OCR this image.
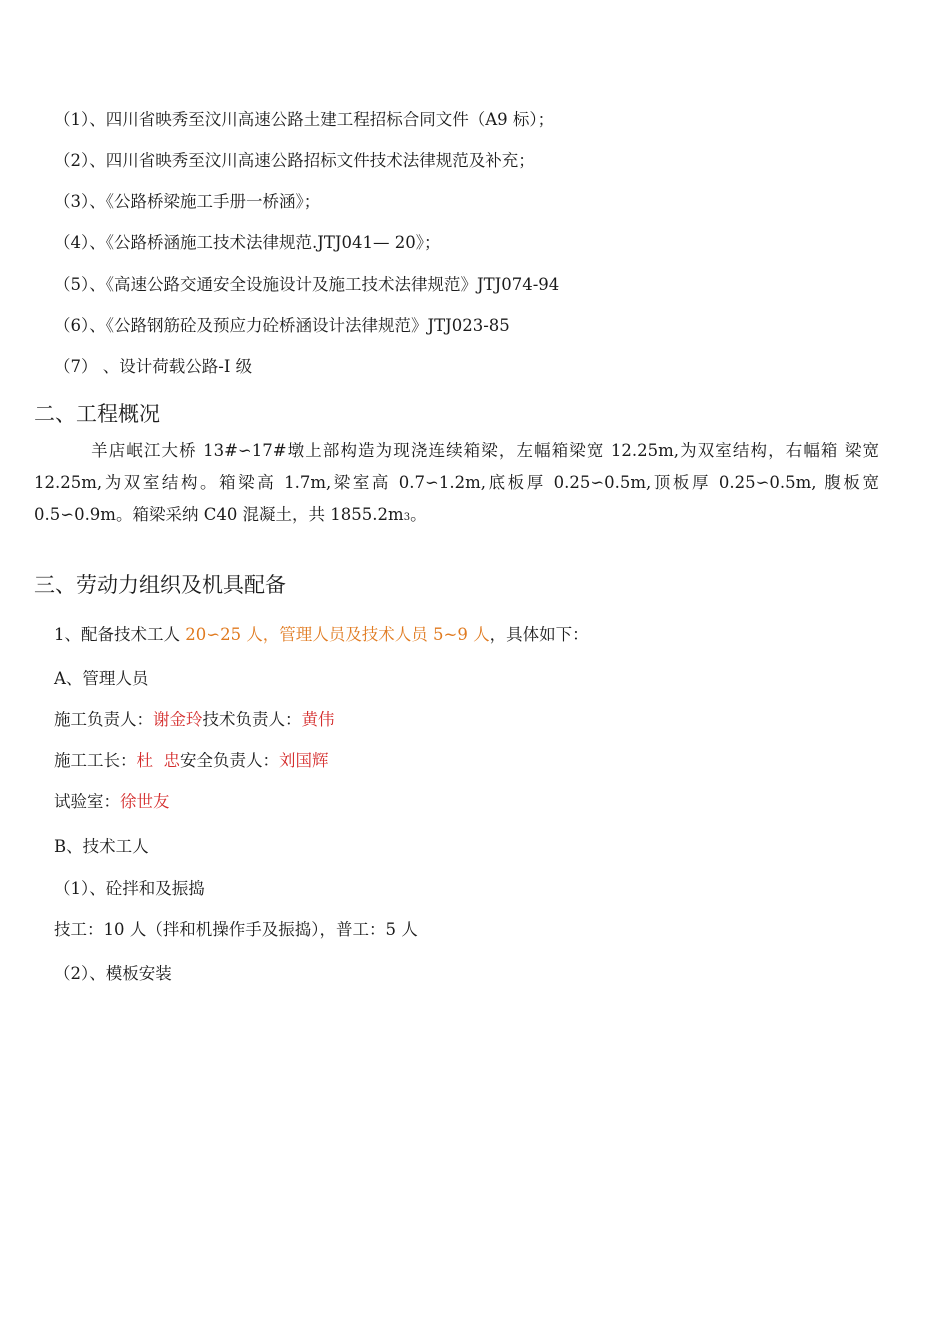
（1）、四川省映秀至汶川高速公路土建工程招标合同文件（A9 标）；
（2）、四川省映秀至汶川高速公路招标文件技术法律规范及补充；
（3）、《公路桥梁施工手册一桥涵》；
（4）、《公路桥涵施工技术法律规范.JTJ041— 20》；
（5）、《高速公路交通安全设施设计及施工技术法律规范》JTJ074-94
（6）、《公路钢筋砼及预应力砼桥涵设计法律规范》JTJ023-85
（7） 、设计荷载公路-I 级
二、工程概况
羊店岷江大桥 13#∽17#墩上部构造为现浇连续箱梁，左幅箱梁宽 12.25m,为双室结构，右幅箱 梁宽 12.25m,为双室结构。箱梁高 1.7m,梁室高 0.7∽1.2m,底板厚 0.25∽0.5m,顶板厚 0.25∽0.5m, 腹板宽 0.5∽0.9m。箱梁采纳 C40 混凝土，共 1855.2m3。
三、劳动力组织及机具配备
1、配备技术工人 20∽25 人，管理人员及技术人员 5~9 人，具体如下：
A、管理人员
施工负责人：谢金玲技术负责人：黄伟
施工工长：杜  忠安全负责人：刘国辉
试验室：徐世友
B、技术工人
（1）、砼拌和及振捣
技工：10 人（拌和机操作手及振捣），普工：5 人
（2）、模板安装
